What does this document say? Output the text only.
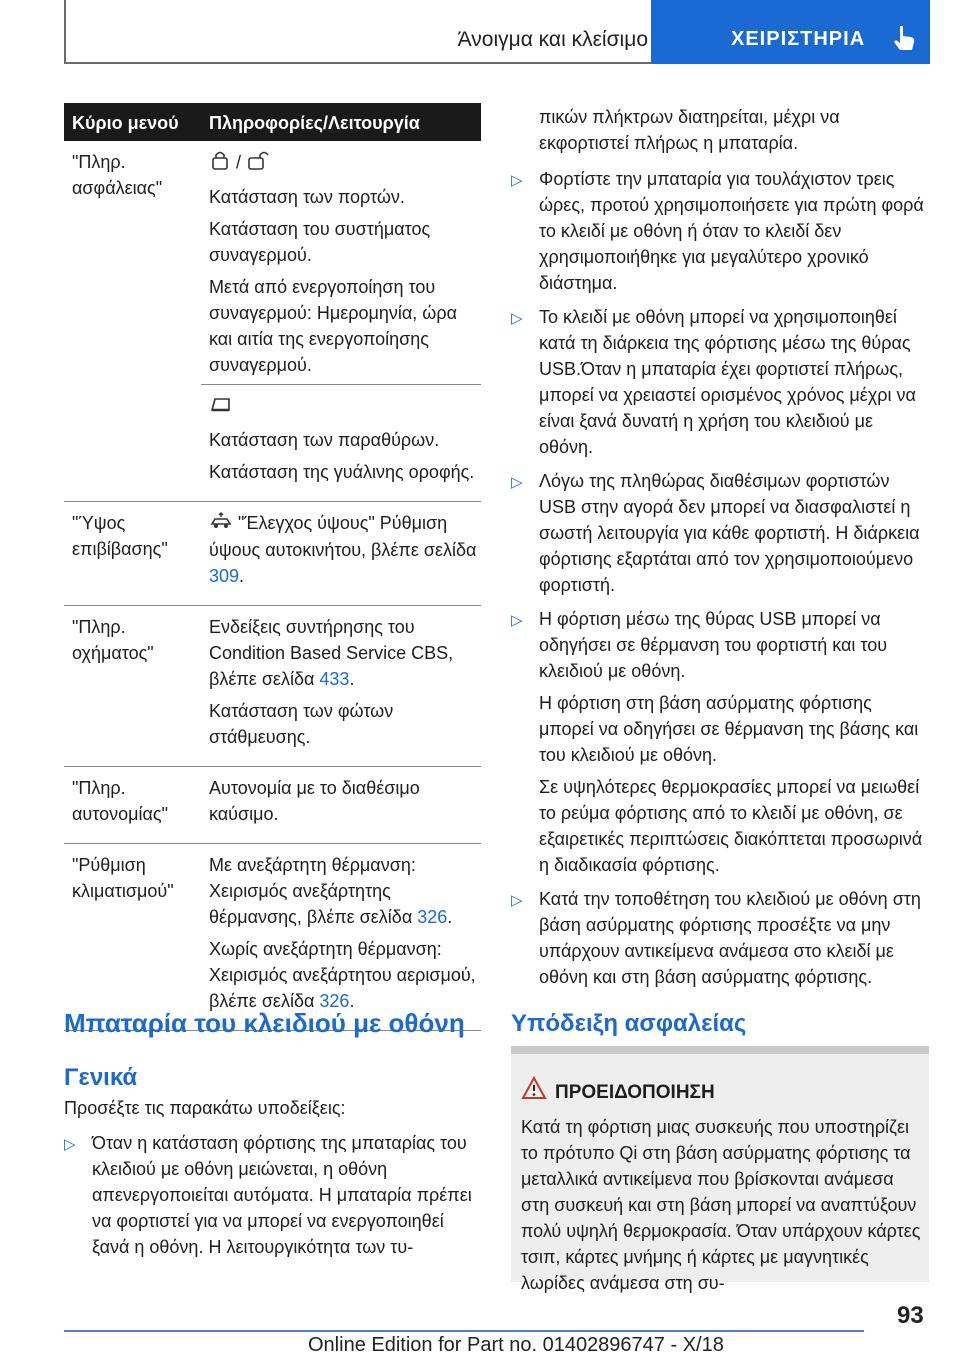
Άνοιγμα και κλείσιμο	ΧΕΙΡΙΣΤΗΡΙΑ
Κύριο μενού Πληροφορίες/Λειτουργία
"Πληρ. ασφάλειας"

/

Κατάσταση των πορτών.

Κατάσταση του συστήματος συναγερμού.

Μετά από ενεργοποίηση του συναγερμού: Ημερομηνία, ώρα και αιτία της ενεργοποίησης συναγερμού.

Κατάσταση των παραθύρων.

Κατάσταση της γυάλινης οροφής.

"Ύψος επιβίβασης"

"Έλεγχος ύψους" Ρύθμιση ύψους αυτοκινήτου, βλέπε σελίδα 309.

"Πληρ. οχήματος"

Ενδείξεις συντήρησης του Condition Based Service CBS, βλέπε σελίδα 433.

Κατάσταση των φώτων στάθμευσης.

"Πληρ. αυτονομίας"

Αυτονομία με το διαθέσιμο καύσιμο.

"Ρύθμιση κλιματισμού"

Με ανεξάρτητη θέρμανση: Χειρισμός ανεξάρτητης θέρμανσης, βλέπε σελίδα 326.

Χωρίς ανεξάρτητη θέρμανση: Χειρισμός ανεξάρτητου αερισμού, βλέπε σελίδα 326.

Μπαταρία του κλειδιού με οθόνη
Γενικά
Προσέξτε τις παρακάτω υποδείξεις:
▷ Όταν η κατάσταση φόρτισης της μπαταρίας του κλειδιού με οθόνη μειώνεται, η οθόνη απενεργοποιείται αυτόματα. Η μπαταρία πρέπει να φορτιστεί για να μπορεί να ενεργοποιηθεί ξανά η οθόνη. Η λειτουργικότητα των τυ-

πικών πλήκτρων διατηρείται, μέχρι να εκφορτιστεί πλήρως η μπαταρία.
▷ Φορτίστε την μπαταρία για τουλάχιστον τρεις ώρες, προτού χρησιμοποιήσετε για πρώτη φορά το κλειδί με οθόνη ή όταν το κλειδί δεν χρησιμοποιήθηκε για μεγαλύτερο χρονικό διάστημα.

▷ Το κλειδί με οθόνη μπορεί να χρησιμοποιηθεί κατά τη διάρκεια της φόρτισης μέσω της θύρας USB.Όταν η μπαταρία έχει φορτιστεί πλήρως, μπορεί να χρειαστεί ορισμένος χρόνος μέχρι να είναι ξανά δυνατή η χρήση του κλειδιού με οθόνη.

▷ Λόγω της πληθώρας διαθέσιμων φορτιστών USB στην αγορά δεν μπορεί να διασφαλιστεί η σωστή λειτουργία για κάθε φορτιστή. Η διάρκεια φόρτισης εξαρτάται από τον χρησιμοποιούμενο φορτιστή.

▷ Η φόρτιση μέσω της θύρας USB μπορεί να οδηγήσει σε θέρμανση του φορτιστή και του κλειδιού με οθόνη.

Η φόρτιση στη βάση ασύρματης φόρτισης μπορεί να οδηγήσει σε θέρμανση της βάσης και του κλειδιού με οθόνη.

Σε υψηλότερες θερμοκρασίες μπορεί να μειωθεί το ρεύμα φόρτισης από το κλειδί με οθόνη, σε εξαιρετικές περιπτώσεις διακόπτεται προσωρινά η διαδικασία φόρτισης.

▷ Κατά την τοποθέτηση του κλειδιού με οθόνη στη βάση ασύρματης φόρτισης προσέξτε να μην υπάρχουν αντικείμενα ανάμεσα στο κλειδί με οθόνη και στη βάση ασύρματης φόρτισης.

Υπόδειξη ασφαλείας
ΠΡΟΕΙΔΟΠΟΙΗΣΗ
Κατά τη φόρτιση μιας συσκευής που υποστηρίζει το πρότυπο Qi στη βάση ασύρματης φόρτισης τα μεταλλικά αντικείμενα που βρίσκονται ανάμεσα στη συσκευή και στη βάση μπορεί να αναπτύξουν πολύ υψηλή θερμοκρασία. Όταν υπάρχουν κάρτες τσιπ, κάρτες μνήμης ή κάρτες με μαγνητικές λωρίδες ανάμεσα στη συ-
93
Online Edition for Part no. 01402896747 - X/18
